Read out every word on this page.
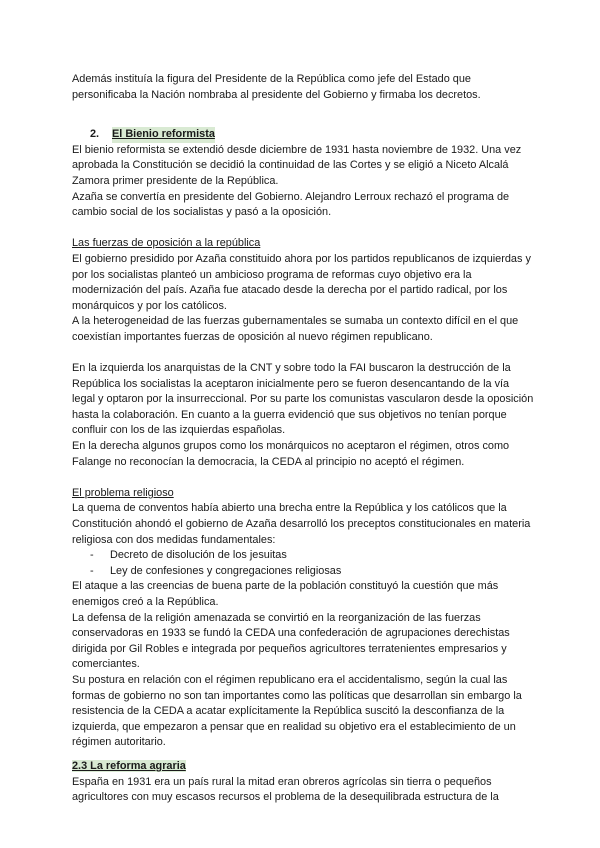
Además instituía la figura del Presidente de la República como jefe del Estado que personificaba la Nación nombraba al presidente del Gobierno y firmaba los decretos.

2.	El Bienio reformista

El bienio reformista se extendió desde diciembre de 1931 hasta noviembre de 1932. Una vez aprobada la Constitución se decidió la continuidad de las Cortes y se eligió a Niceto Alcalá Zamora primer presidente de la República.

Azaña se convertía en presidente del Gobierno. Alejandro Lerroux rechazó el programa de cambio social de los socialistas y pasó a la oposición.

Las fuerzas de oposición a la república

El gobierno presidido por Azaña constituido ahora por los partidos republicanos de izquierdas y por los socialistas planteó un ambicioso programa de reformas cuyo objetivo era la modernización del país. Azaña fue atacado desde la derecha por el partido radical, por los monárquicos y por los católicos.

A la heterogeneidad de las fuerzas gubernamentales se sumaba un contexto difícil en el que coexistían importantes fuerzas de oposición al nuevo régimen republicano.

En la izquierda los anarquistas de la CNT y sobre todo la FAI buscaron la destrucción de la República los socialistas la aceptaron inicialmente pero se fueron desencantando de la vía legal y optaron por la insurreccional. Por su parte los comunistas vascularon desde la oposición hasta la colaboración. En cuanto a la guerra evidenció que sus objetivos no tenían porque confluir con los de las izquierdas españolas.

En la derecha algunos grupos como los monárquicos no aceptaron el régimen, otros como Falange no reconocían la democracia, la CEDA al principio no aceptó el régimen.

El problema religioso

La quema de conventos había abierto una brecha entre la República y los católicos que la Constitución ahondó el gobierno de Azaña desarrolló los preceptos constitucionales en materia religiosa con dos medidas fundamentales:

- Decreto de disolución de los jesuitas
- Ley de confesiones y congregaciones religiosas

El ataque a las creencias de buena parte de la población constituyó la cuestión que más enemigos creó a la República.

La defensa de la religión amenazada se convirtió en la reorganización de las fuerzas conservadoras en 1933 se fundó la CEDA una confederación de agrupaciones derechistas dirigida por Gil Robles e integrada por pequeños agricultores terratenientes empresarios y comerciantes.

Su postura en relación con el régimen republicano era el accidentalismo, según la cual las formas de gobierno no son tan importantes como las políticas que desarrollan sin embargo la resistencia de la CEDA a acatar explícitamente la República suscitó la desconfianza de la izquierda, que empezaron a pensar que en realidad su objetivo era el establecimiento de un régimen autoritario.

2.3 La reforma agraria

España en 1931 era un país rural la mitad eran obreros agrícolas sin tierra o pequeños agricultores con muy escasos recursos el problema de la desequilibrada estructura de la
